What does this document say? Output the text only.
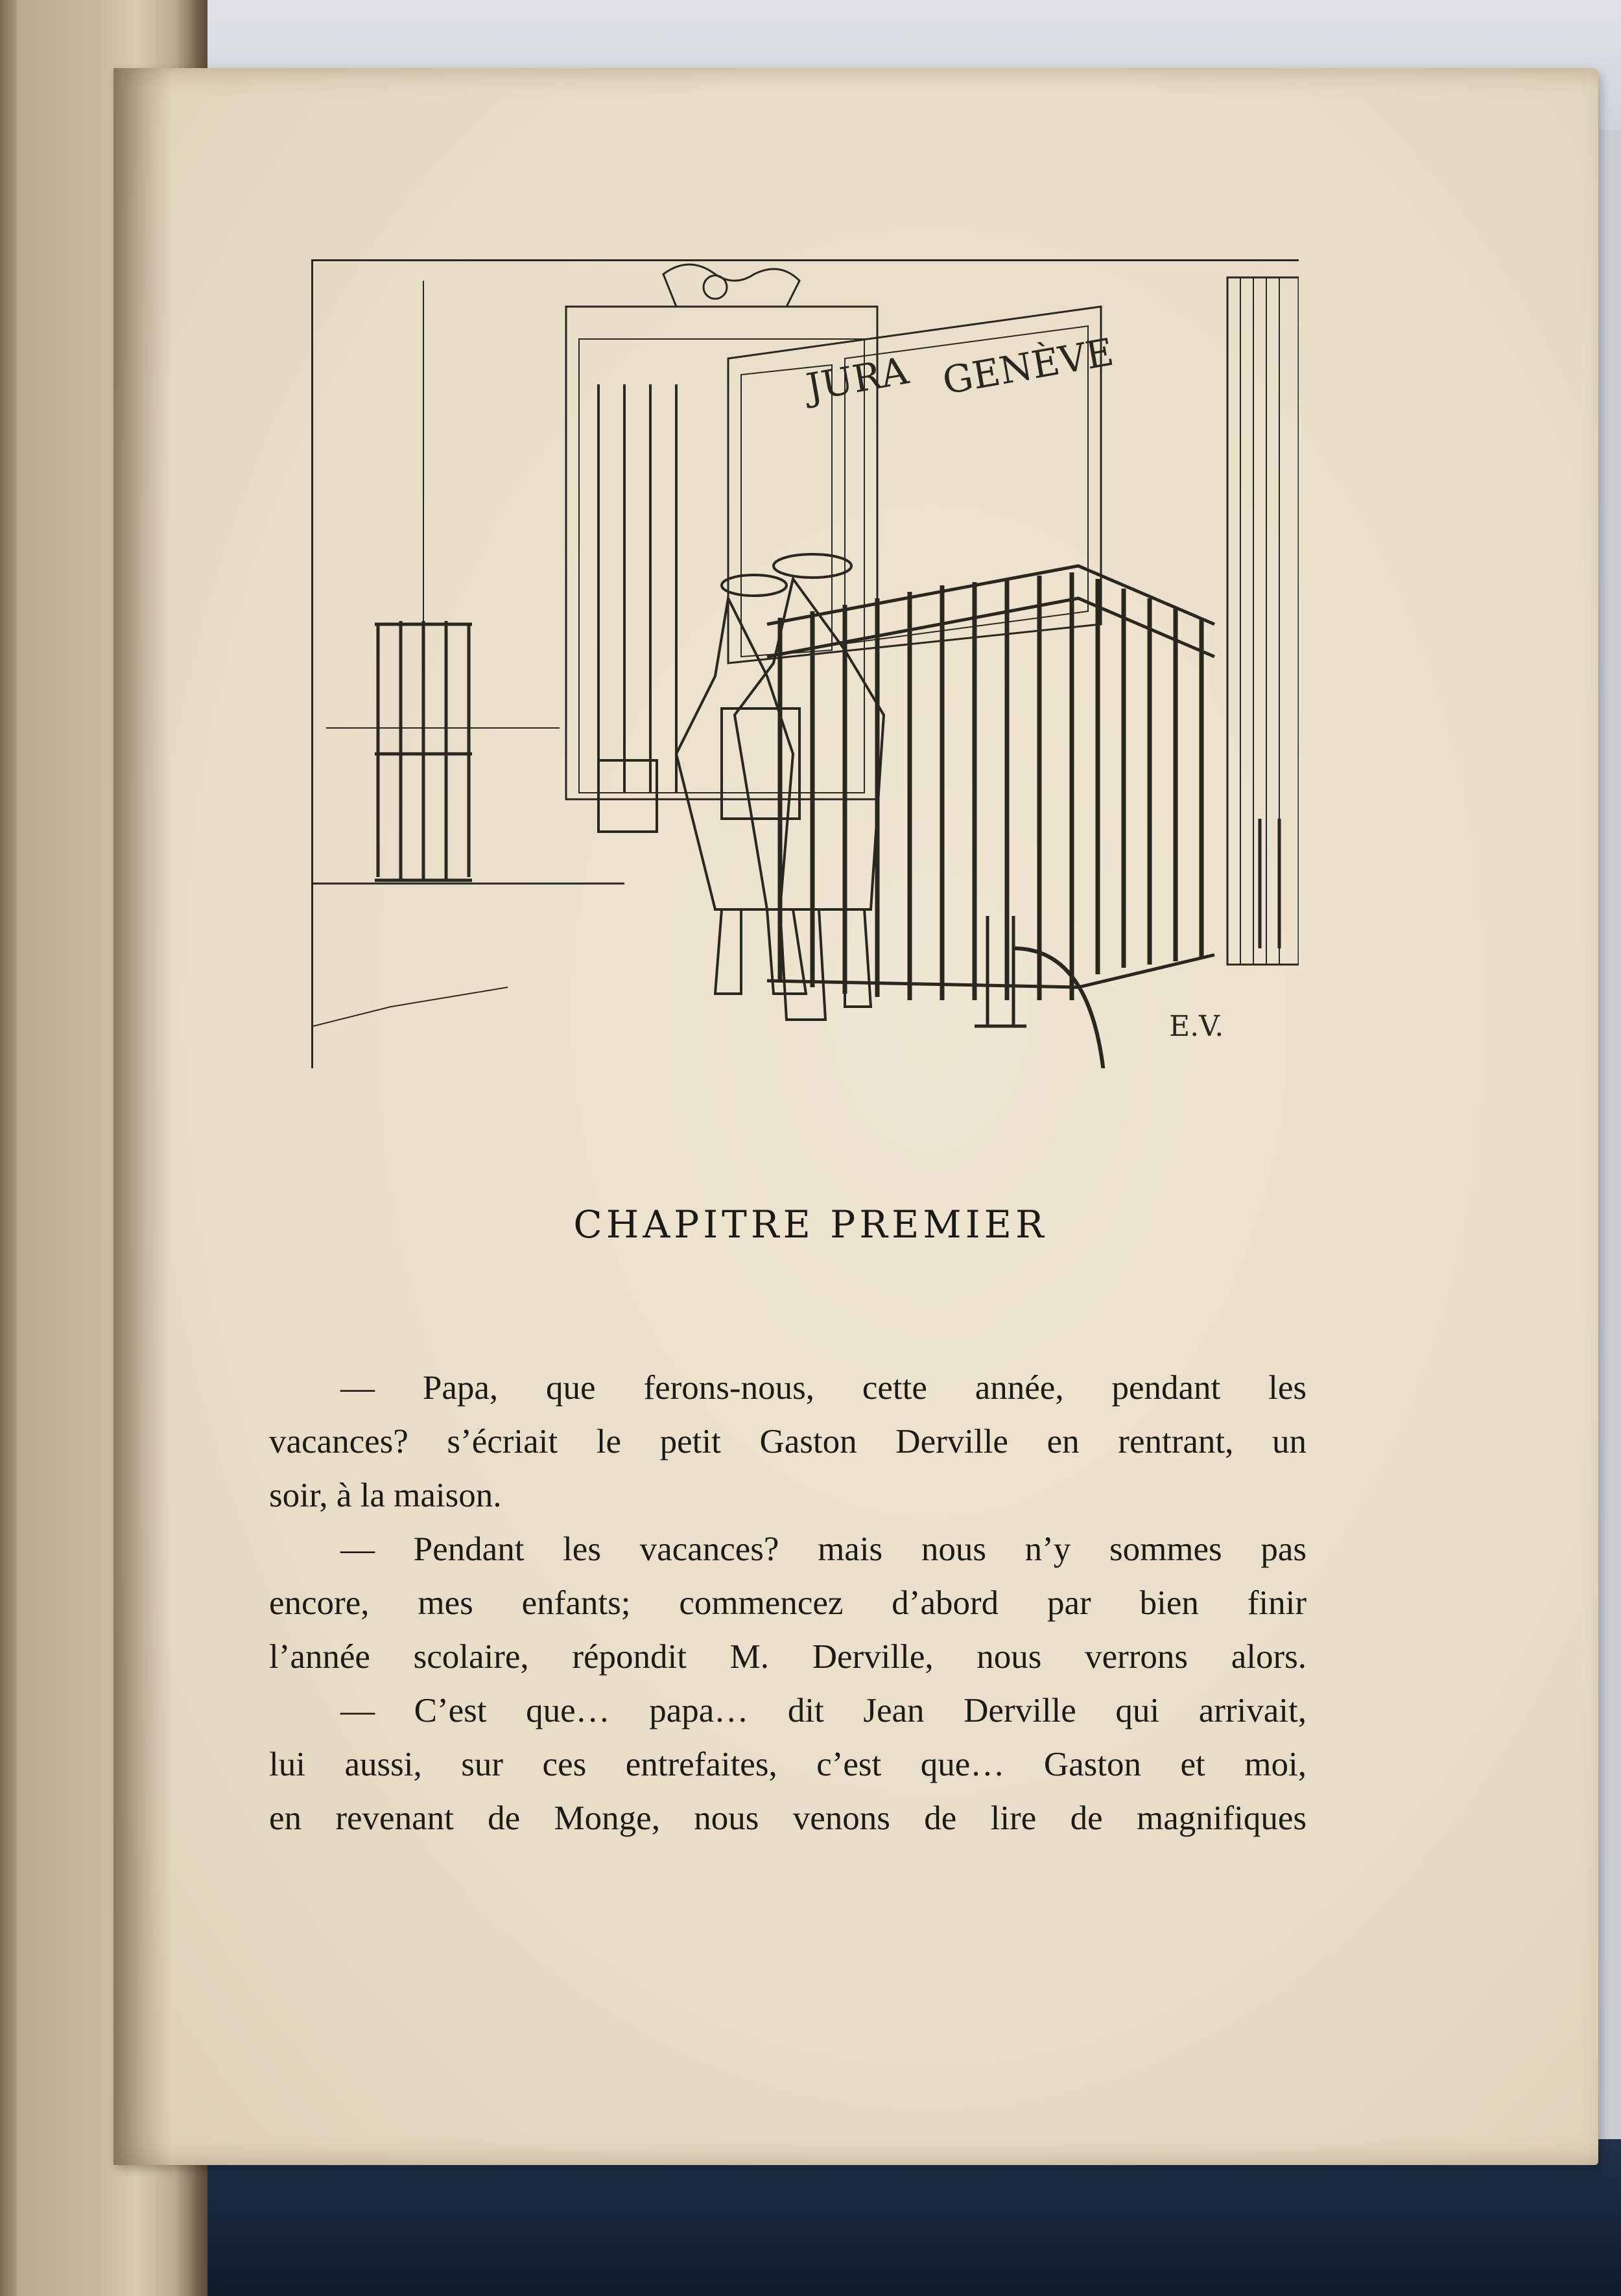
JURA GENÈVE
E.V.
CHAPITRE PREMIER
— Papa, que ferons-nous, cette année, pendant les
vacances? s’écriait le petit Gaston Derville en rentrant, un
soir, à la maison.
— Pendant les vacances? mais nous n’y sommes pas
encore, mes enfants; commencez d’abord par bien finir
l’année scolaire, répondit M. Derville, nous verrons alors.
— C’est que… papa… dit Jean Derville qui arrivait,
lui aussi, sur ces entrefaites, c’est que… Gaston et moi,
en revenant de Monge, nous venons de lire de magnifiques
